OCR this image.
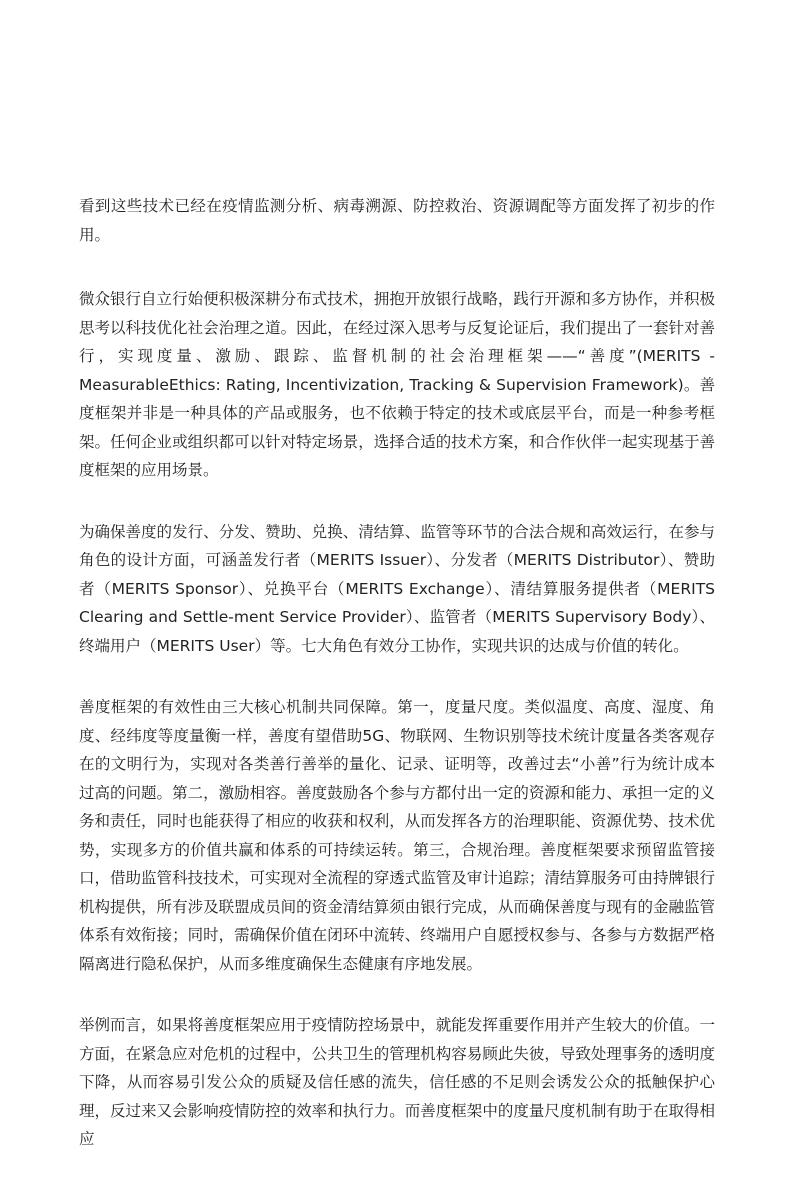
看到这些技术已经在疫情监测分析、病毒溯源、防控救治、资源调配等方面发挥了初步的作用。

微众银行自立行始便积极深耕分布式技术，拥抱开放银行战略，践行开源和多方协作，并积极思考以科技优化社会治理之道。因此，在经过深入思考与反复论证后，我们提出了一套针对善行，实现度量、激励、跟踪、监督机制的社会治理框架——“善度”(MERITS -MeasurableEthics: Rating, Incentivization, Tracking & Supervision Framework)。善度框架并非是一种具体的产品或服务，也不依赖于特定的技术或底层平台，而是一种参考框架。任何企业或组织都可以针对特定场景，选择合适的技术方案，和合作伙伴一起实现基于善度框架的应用场景。

为确保善度的发行、分发、赞助、兑换、清结算、监管等环节的合法合规和高效运行，在参与角色的设计方面，可涵盖发行者（MERITS Issuer）、分发者（MERITS Distributor）、赞助者（MERITS Sponsor）、兑换平台（MERITS Exchange）、清结算服务提供者（MERITS Clearing and Settle-ment Service Provider）、监管者（MERITS Supervisory Body）、终端用户（MERITS User）等。七大角色有效分工协作，实现共识的达成与价值的转化。

善度框架的有效性由三大核心机制共同保障。第一，度量尺度。类似温度、高度、湿度、角度、经纬度等度量衡一样，善度有望借助5G、物联网、生物识别等技术统计度量各类客观存在的文明行为，实现对各类善行善举的量化、记录、证明等，改善过去“小善”行为统计成本过高的问题。第二，激励相容。善度鼓励各个参与方都付出一定的资源和能力、承担一定的义务和责任，同时也能获得了相应的收获和权利，从而发挥各方的治理职能、资源优势、技术优势，实现多方的价值共赢和体系的可持续运转。第三，合规治理。善度框架要求预留监管接口，借助监管科技技术，可实现对全流程的穿透式监管及审计追踪；清结算服务可由持牌银行机构提供，所有涉及联盟成员间的资金清结算须由银行完成，从而确保善度与现有的金融监管体系有效衔接；同时，需确保价值在闭环中流转、终端用户自愿授权参与、各参与方数据严格隔离进行隐私保护，从而多维度确保生态健康有序地发展。

举例而言，如果将善度框架应用于疫情防控场景中，就能发挥重要作用并产生较大的价值。一方面，在紧急应对危机的过程中，公共卫生的管理机构容易顾此失彼，导致处理事务的透明度下降，从而容易引发公众的质疑及信任感的流失，信任感的不足则会诱发公众的抵触保护心理，反过来又会影响疫情防控的效率和执行力。而善度框架中的度量尺度机制有助于在取得相应
